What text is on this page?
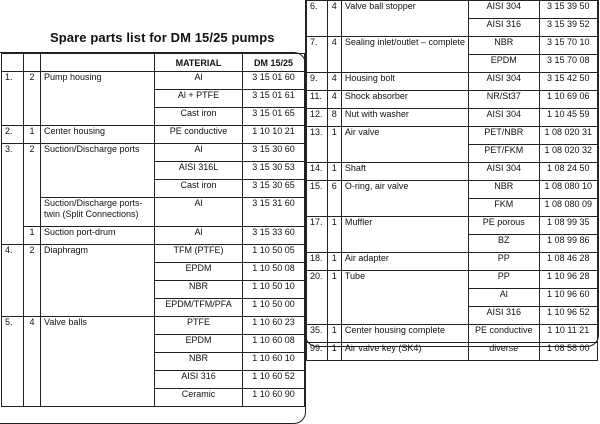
Spare parts list for DM 15/25 pumps
			MATERIAL	DM 15/25
1.	2	Pump housing	Al	3 15 01 60
			Al + PTFE	3 15 01 61
			Cast iron	3 15 01 65
2.	1	Center housing	PE conductive	1 10 10 21
3.	2	Suction/Discharge ports	Al	3 15 30 60
			AISI 316L	3 15 30 53
			Cast iron	3 15 30 65
		Suction/Discharge ports-twin (Split Connections)	Al	3 15 31 60
	1	Suction port-drum	Al	3 15 33 60
4.	2	Diaphragm	TFM (PTFE)	1 10 50 05
			EPDM	1 10 50 08
			NBR	1 10 50 10
			EPDM/TFM/PFA	1 10 50 00
5.	4	Valve balls	PTFE	1 10 60 23
			EPDM	1 10 60 08
			NBR	1 10 60 10
			AISI 316	1 10 60 52
			Ceramic	1 10 60 90
6.	4	Valve ball stopper	AISI 304	3 15 39 50
			AISI 316	3 15 39 52
7.	4	Sealing inlet/outlet – complete	NBR	3 15 70 10
			EPDM	3 15 70 08
9.	4	Housing bolt	AISI 304	3 15 42 50
11.	4	Shock absorber	NR/St37	1 10 69 06
12.	8	Nut with washer	AISI 304	1 10 45 59
13.	1	Air valve	PET/NBR	1 08 020 31
			PET/FKM	1 08 020 32
14.	1	Shaft	AISI 304	1 08 24 50
15.	6	O-ring, air valve	NBR	1 08 080 10
			FKM	1 08 080 09
17.	1	Muffler	PE porous	1 08 99 35
			BZ	1 08 99 86
18.	1	Air adapter	PP	1 08 46 28
20.	1	Tube	PP	1 10 96 28
			Al	1 10 96 60
			AISI 316	1 10 96 52
35.	1	Center housing complete	PE conductive	1 10 11 21
99.	1	Air valve key (SK4)	diverse	1 08 58 00
